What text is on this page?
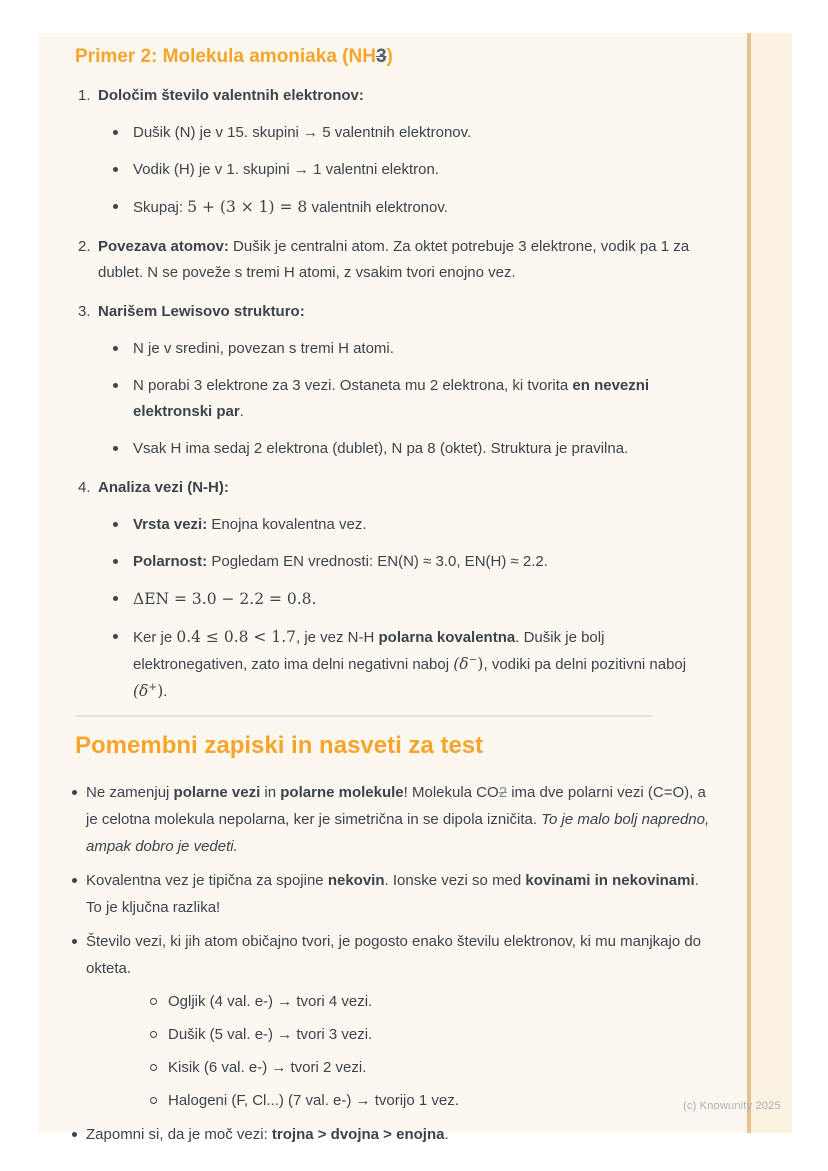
Primer 2: Molekula amoniaka (NH3)
1. Določim število valentnih elektronov:
Dušik (N) je v 15. skupini → 5 valentnih elektronov.
Vodik (H) je v 1. skupini → 1 valentni elektron.
Skupaj: 5 + (3 × 1) = 8 valentnih elektronov.
2. Povezava atomov: Dušik je centralni atom. Za oktet potrebuje 3 elektrone, vodik pa 1 za dublet. N se poveže s tremi H atomi, z vsakim tvori enojno vez.
3. Narišem Lewisovo strukturo:
N je v sredini, povezan s tremi H atomi.
N porabi 3 elektrone za 3 vezi. Ostaneta mu 2 elektrona, ki tvorita en nevezni elektronski par.
Vsak H ima sedaj 2 elektrona (dublet), N pa 8 (oktet). Struktura je pravilna.
4. Analiza vezi (N-H):
Vrsta vezi: Enojna kovalentna vez.
Polarnost: Pogledam EN vrednosti: EN(N) ≈ 3.0, EN(H) ≈ 2.2.
ΔEN = 3.0 − 2.2 = 0.8.
Ker je 0.4 ≤ 0.8 < 1.7, je vez N-H polarna kovalentna. Dušik je bolj elektronegativen, zato ima delni negativni naboj (δ−), vodiki pa delni pozitivni naboj (δ+).
Pomembni zapiski in nasveti za test
Ne zamenjuj polarne vezi in polarne molekule! Molekula CO2 ima dve polarni vezi (C=O), a je celotna molekula nepolarna, ker je simetrična in se dipola izničita. To je malo bolj napredno, ampak dobro je vedeti.
Kovalentna vez je tipična za spojine nekovin. Ionske vezi so med kovinami in nekovinami. To je ključna razlika!
Število vezi, ki jih atom običajno tvori, je pogosto enako številu elektronov, ki mu manjkajo do okteta.
Ogljik (4 val. e-) → tvori 4 vezi.
Dušik (5 val. e-) → tvori 3 vezi.
Kisik (6 val. e-) → tvori 2 vezi.
Halogeni (F, Cl...) (7 val. e-) → tvorijo 1 vez.
Zapomni si, da je moč vezi: trojna > dvojna > enojna.
(c) Knowunity 2025
